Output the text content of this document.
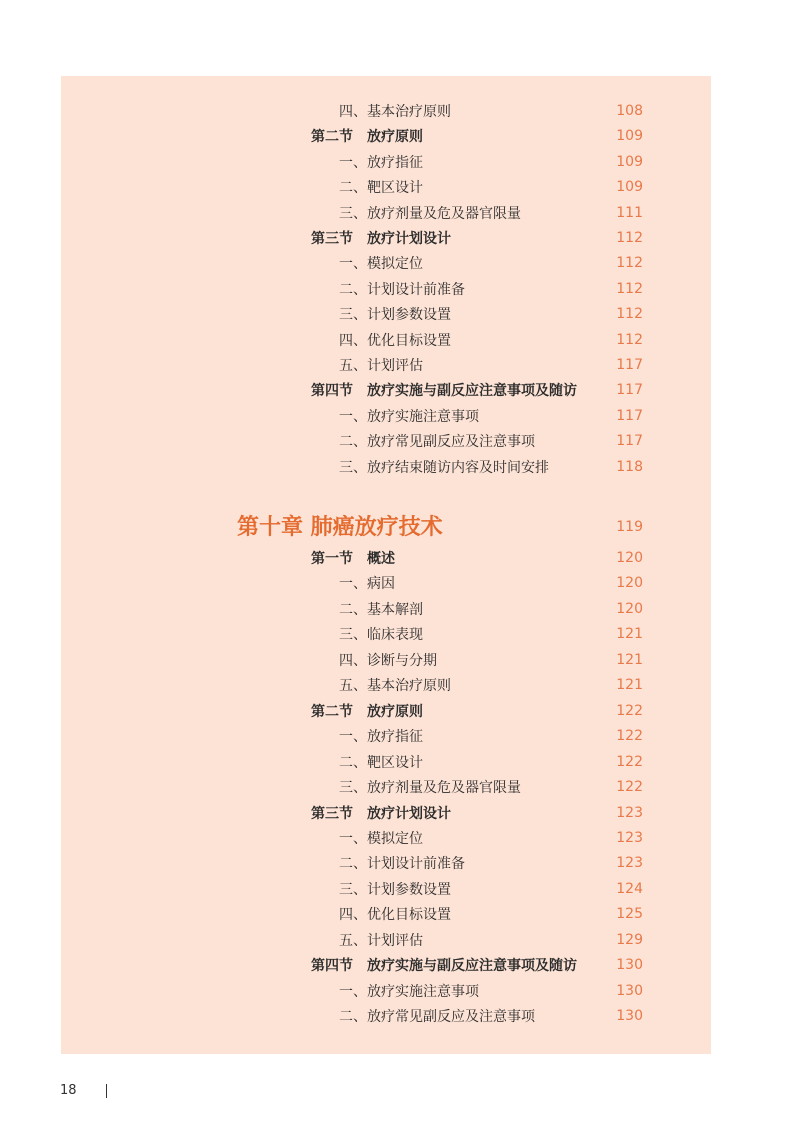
四、基本治疗原则	108
第二节　放疗原则	109
一、放疗指征	109
二、靶区设计	109
三、放疗剂量及危及器官限量	111
第三节　放疗计划设计	112
一、模拟定位	112
二、计划设计前准备	112
三、计划参数设置	112
四、优化目标设置	112
五、计划评估	117
第四节　放疗实施与副反应注意事项及随访	117
一、放疗实施注意事项	117
二、放疗常见副反应及注意事项	117
三、放疗结束随访内容及时间安排	118
第十章 肺癌放疗技术	119
第一节　概述	120
一、病因	120
二、基本解剖	120
三、临床表现	121
四、诊断与分期	121
五、基本治疗原则	121
第二节　放疗原则	122
一、放疗指征	122
二、靶区设计	122
三、放疗剂量及危及器官限量	122
第三节　放疗计划设计	123
一、模拟定位	123
二、计划设计前准备	123
三、计划参数设置	124
四、优化目标设置	125
五、计划评估	129
第四节　放疗实施与副反应注意事项及随访	130
一、放疗实施注意事项	130
二、放疗常见副反应及注意事项	130
18
